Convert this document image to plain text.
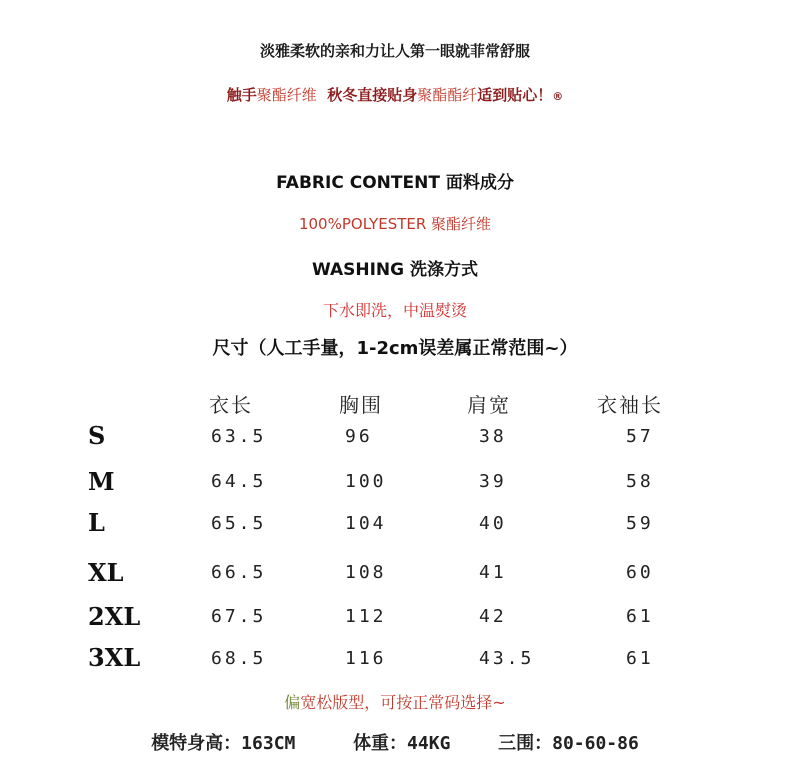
淡雅柔软的亲和力让人第一眼就菲常舒服
触手聚酯纤维  秋冬直接贴身聚酯酯纤适到贴心！®
FABRIC CONTENT 面料成分
100%POLYESTER 聚酯纤维
WASHING 洗涤方式
下水即洗，中温熨烫
尺寸（人工手量，1-2cm误差属正常范围~）
衣长	胸围	肩宽	衣袖长
S	63.5	96	38	57
M	64.5	100	39	58
L	65.5	104	40	59
XL	66.5	108	41	60
2XL	67.5	112	42	61
3XL	68.5	116	43.5	61
偏宽松版型，可按正常码选择~
模特身高：163CM	体重：44KG	三围：80-60-86
